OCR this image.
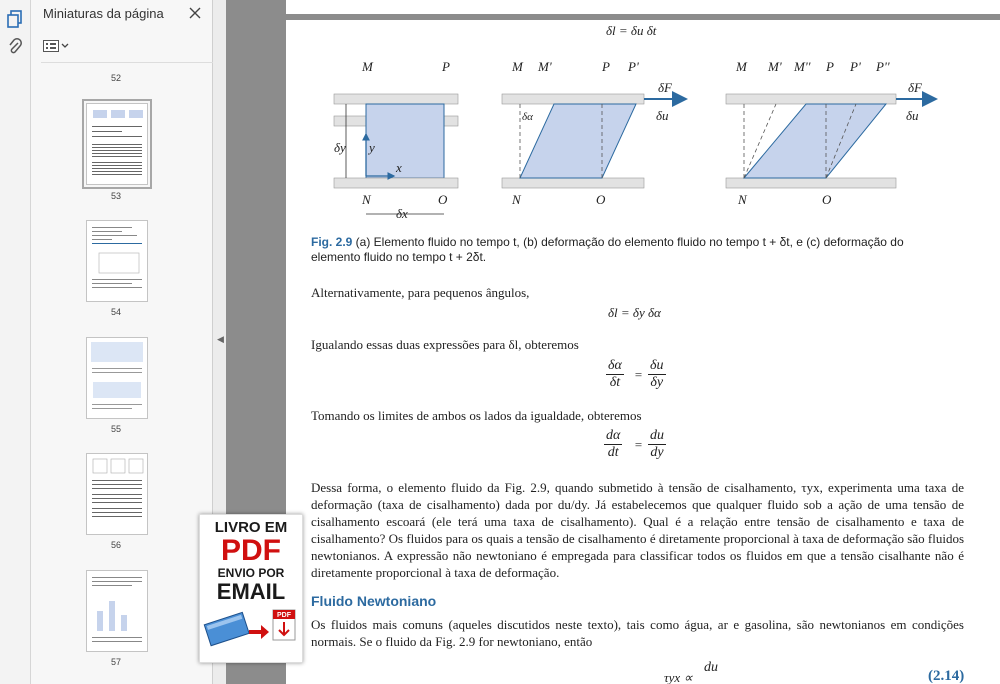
Miniaturas da página
52
53
54
55
56
57
◀
δl = δu δt
M	P
δy y
x
N	O
δx
M M'	P P'
δα
δF
δu
N	O
M M' M'' P P' P''
δF
δu
N	O
Fig. 2.9 (a) Elemento fluido no tempo t, (b) deformação do elemento fluido no tempo t + δt, e (c) deformação do elemento fluido no tempo t + 2δt.
Alternativamente, para pequenos ângulos,
δl = δy δα
Igualando essas duas expressões para δl, obteremos
$\frac{\delta\alpha}{\delta t} = \frac{\delta u}{\delta y}$
Tomando os limites de ambos os lados da igualdade, obteremos
$\frac{d\alpha}{dt} = \frac{du}{dy}$
Dessa forma, o elemento fluido da Fig. 2.9, quando submetido à tensão de cisalhamento, τyx, experimenta uma taxa de deformação (taxa de cisalhamento) dada por du/dy. Já estabelecemos que qualquer fluido sob a ação de uma tensão de cisalhamento escoará (ele terá uma taxa de cisalhamento). Qual é a relação entre tensão de cisalhamento e taxa de cisalhamento? Os fluidos para os quais a tensão de cisalhamento é diretamente proporcional à taxa de deformação são fluidos newtonianos. A expressão não newtoniano é empregada para classificar todos os fluidos em que a tensão cisalhante não é diretamente proporcional à taxa de deformação.
Fluido Newtoniano
Os fluidos mais comuns (aqueles discutidos neste texto), tais como água, ar e gasolina, são newtonianos em condições normais. Se o fluido da Fig. 2.9 for newtoniano, então
τyx ∝
du
(2.14)
LIVRO EM
PDF
ENVIO POR
EMAIL
PDF
